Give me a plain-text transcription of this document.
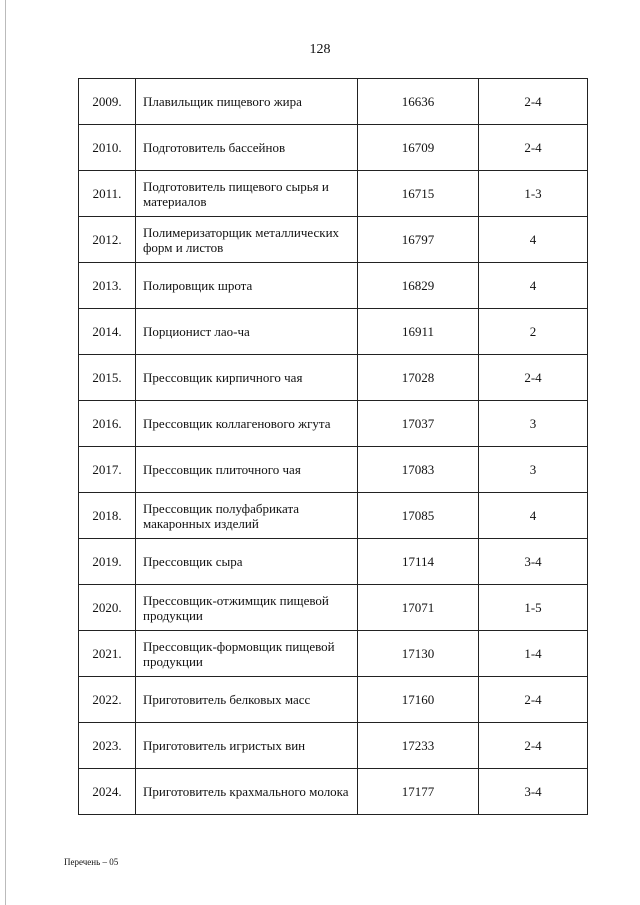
128
2009.	Плавильщик пищевого жира	16636	2-4
2010.	Подготовитель бассейнов	16709	2-4
2011.	Подготовитель пищевого сырья и материалов	16715	1-3
2012.	Полимеризаторщик металлических форм и листов	16797	4
2013.	Полировщик шрота	16829	4
2014.	Порционист лао-ча	16911	2
2015.	Прессовщик кирпичного чая	17028	2-4
2016.	Прессовщик коллагенового жгута	17037	3
2017.	Прессовщик плиточного чая	17083	3
2018.	Прессовщик полуфабриката макаронных изделий	17085	4
2019.	Прессовщик сыра	17114	3-4
2020.	Прессовщик-отжимщик пищевой продукции	17071	1-5
2021.	Прессовщик-формовщик пищевой продукции	17130	1-4
2022.	Приготовитель белковых масс	17160	2-4
2023.	Приготовитель игристых вин	17233	2-4
2024.	Приготовитель крахмального молока	17177	3-4
Перечень – 05
